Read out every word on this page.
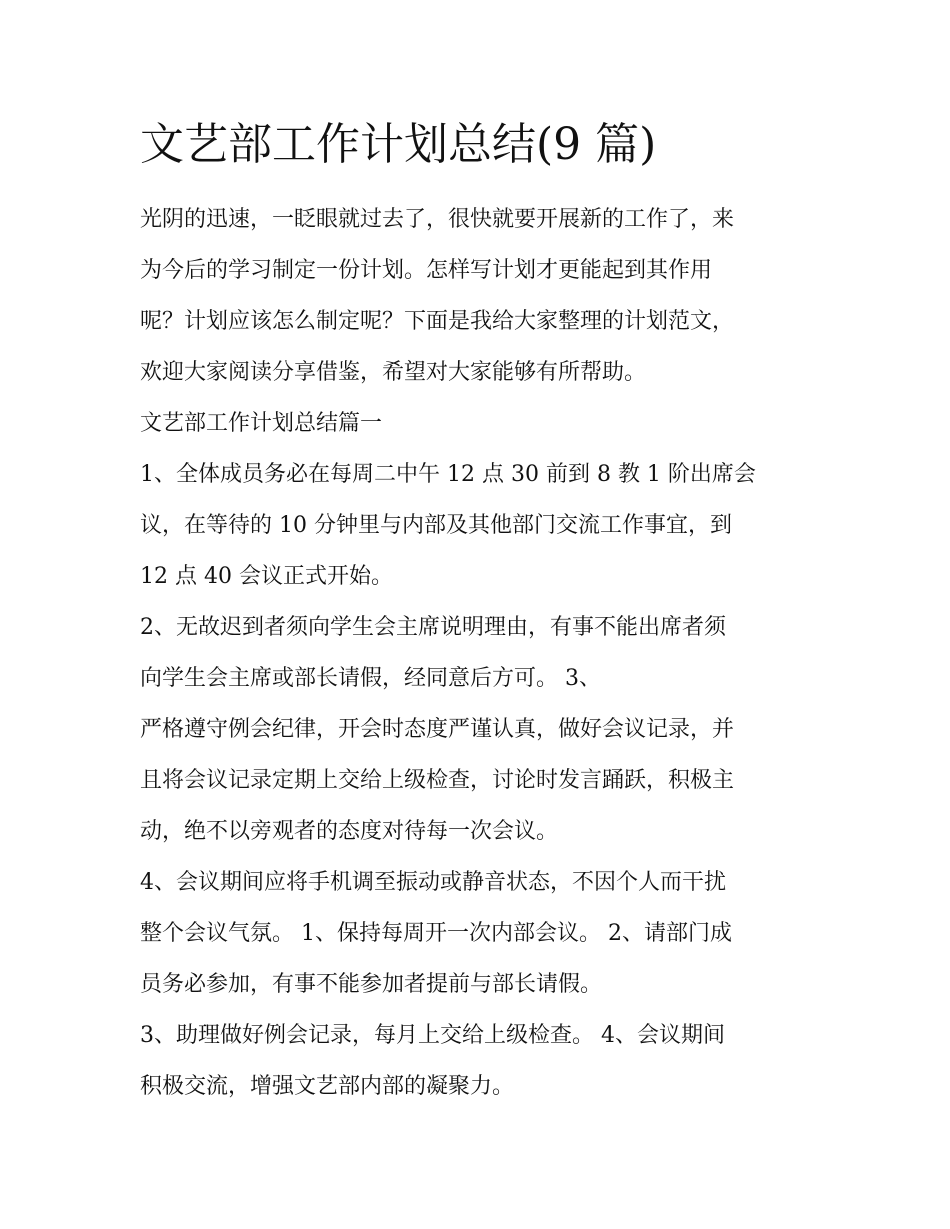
文艺部工作计划总结(9 篇)

光阴的迅速，一眨眼就过去了，很快就要开展新的工作了，来

为今后的学习制定一份计划。怎样写计划才更能起到其作用

呢？计划应该怎么制定呢？下面是我给大家整理的计划范文，

欢迎大家阅读分享借鉴，希望对大家能够有所帮助。

文艺部工作计划总结篇一

1、全体成员务必在每周二中午 12 点 30 前到 8 教 1 阶出席会

议，在等待的 10 分钟里与内部及其他部门交流工作事宜，到

12 点 40 会议正式开始。

2、无故迟到者须向学生会主席说明理由，有事不能出席者须

向学生会主席或部长请假，经同意后方可。 3、

严格遵守例会纪律，开会时态度严谨认真，做好会议记录，并

且将会议记录定期上交给上级检查，讨论时发言踊跃，积极主

动，绝不以旁观者的态度对待每一次会议。

4、会议期间应将手机调至振动或静音状态，不因个人而干扰

整个会议气氛。 1、保持每周开一次内部会议。 2、请部门成

员务必参加，有事不能参加者提前与部长请假。

3、助理做好例会记录，每月上交给上级检查。 4、会议期间

积极交流，增强文艺部内部的凝聚力。
